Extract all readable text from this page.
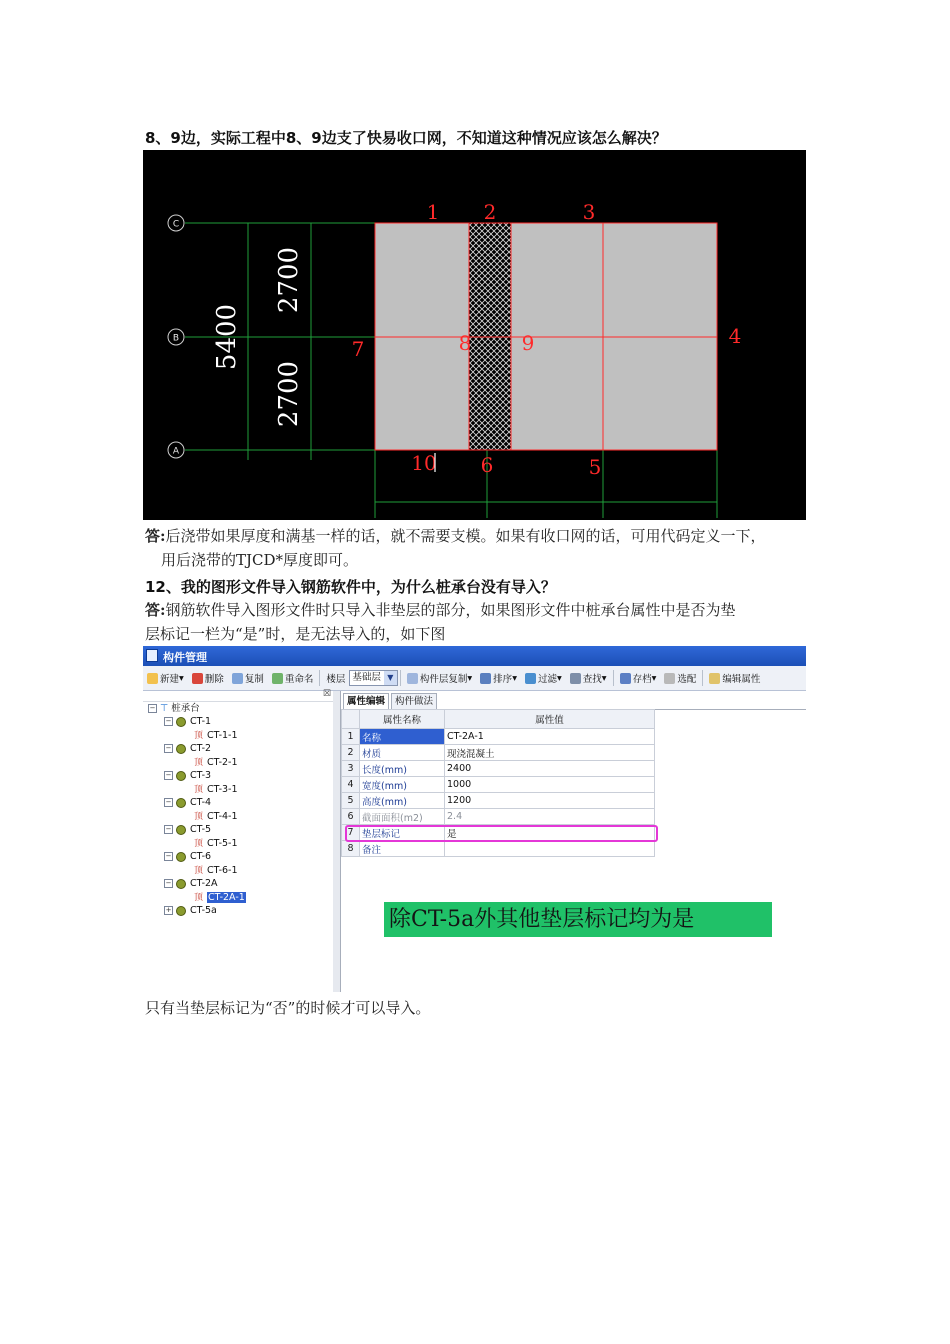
8、9边，实际工程中8、9边支了快易收口网，不知道这种情况应该怎么解决？
C
B
A
5400
2700
2700
1 2	3
4
5
6
7	8	9
10
答:后浇带如果厚度和满基一样的话，就不需要支模。如果有收口网的话，可用代码定义一下，
用后浇带的TJCD*厚度即可。
12、我的图形文件导入钢筋软件中，为什么桩承台没有导入？
答:钢筋软件导入图形文件时只导入非垫层的部分，如果图形文件中桩承台属性中是否为垫
层标记一栏为“是”时，是无法导入的，如下图
构件管理
新建 ▾	删除 复制 重命名	楼层 基础层 ▼	构件层复制 ▾	排序 ▾	过滤 ▾	查找 ▾	存档 ▾	选配	编辑属性
☒
− ⊤ 桩承台
− CT-1
顶 CT-1-1
− CT-2
顶 CT-2-1
− CT-3
顶 CT-3-1
− CT-4
顶 CT-4-1
− CT-5
顶 CT-5-1
− CT-6
顶 CT-6-1
− CT-2A
顶 CT-2A-1
+ CT-5a
属性编辑	构件做法
	属性名称	属性值
1	名称	CT-2A-1
2	材质	现浇混凝土
3	长度(mm)	2400
4	宽度(mm)	1000
5	高度(mm)	1200
6	截面面积(m2)	2.4
7	垫层标记	是
8	备注	
除CT-5a外其他垫层标记均为是
只有当垫层标记为“否”的时候才可以导入。
